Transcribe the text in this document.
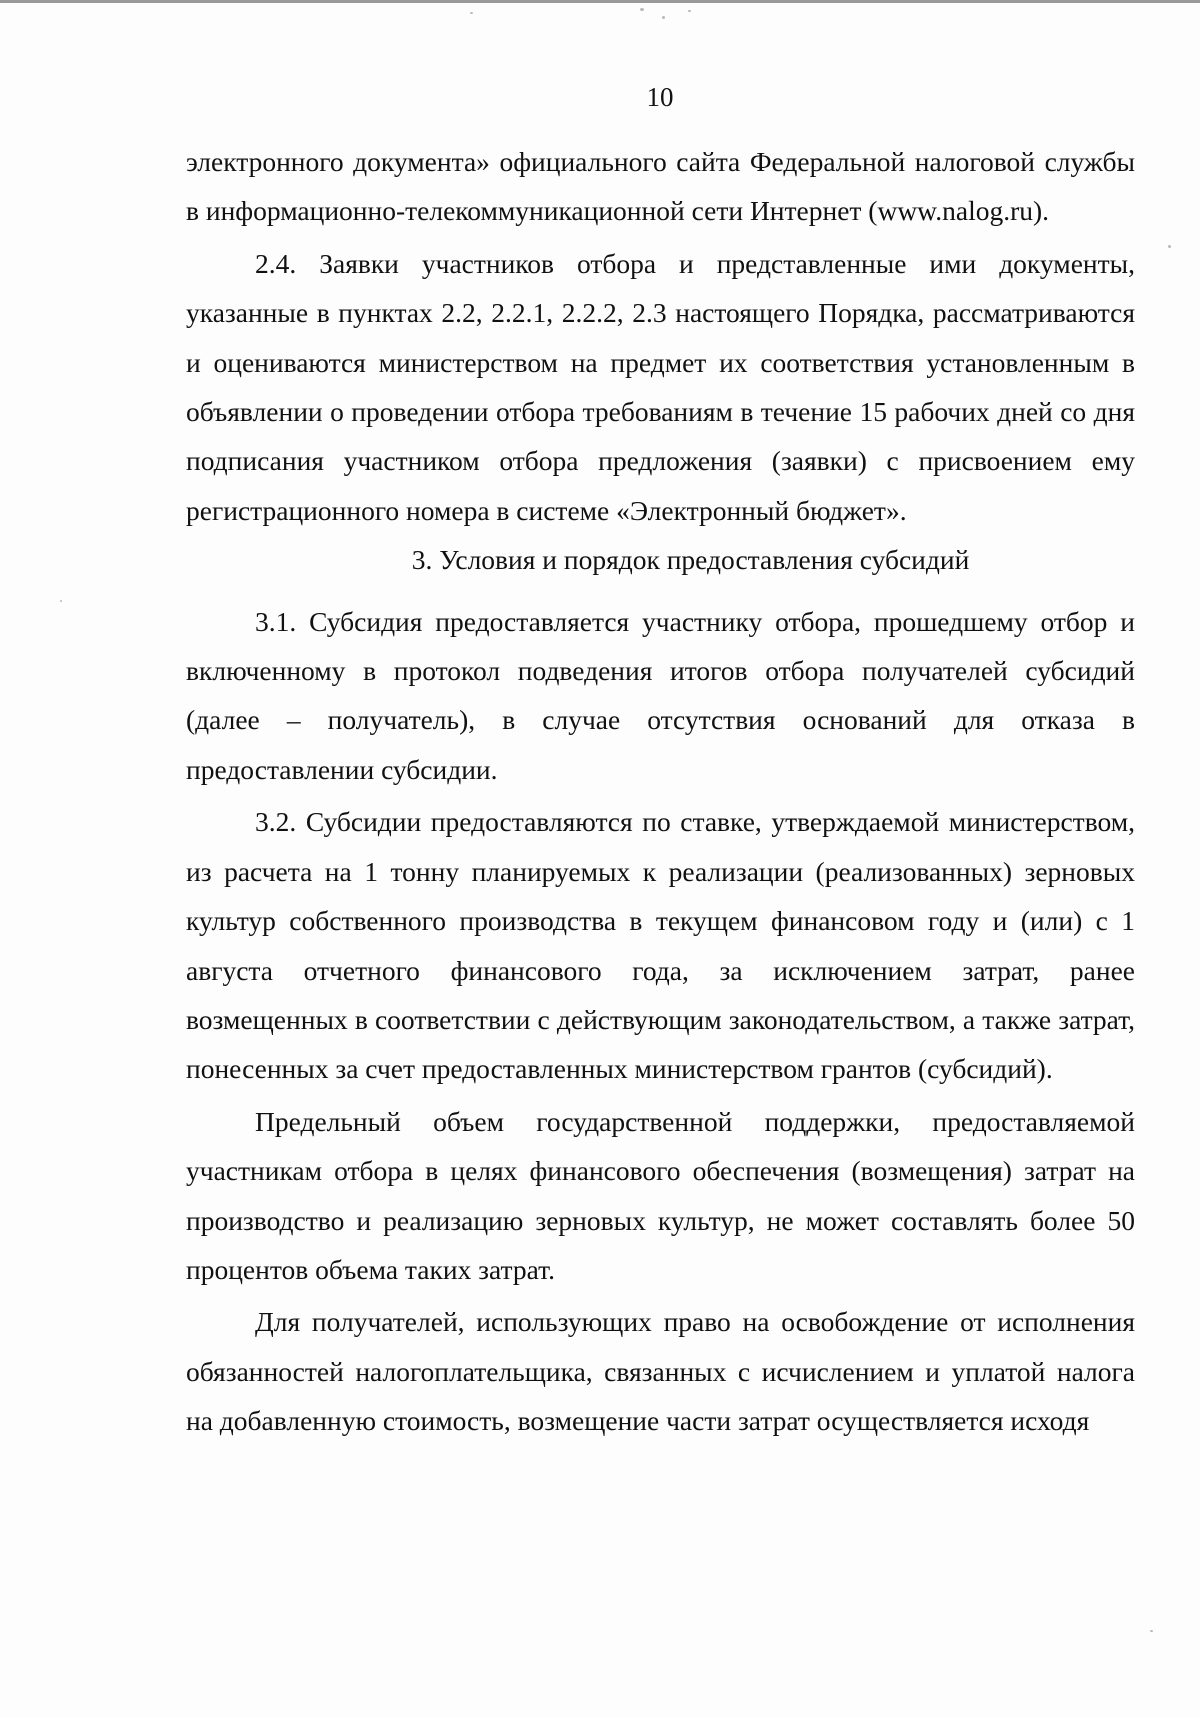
10

электронного документа» официального сайта Федеральной налоговой службы в информационно-телекоммуникационной сети Интернет (www.nalog.ru).

2.4. Заявки участников отбора и представленные ими документы, указанные в пунктах 2.2, 2.2.1, 2.2.2, 2.3 настоящего Порядка, рассматриваются и оцениваются министерством на предмет их соответствия установленным в объявлении о проведении отбора требованиям в течение 15 рабочих дней со дня подписания участником отбора предложения (заявки) с присвоением ему регистрационного номера в системе «Электронный бюджет».

3. Условия и порядок предоставления субсидий

3.1. Субсидия предоставляется участнику отбора, прошедшему отбор и включенному в протокол подведения итогов отбора получателей субсидий (далее – получатель), в случае отсутствия оснований для отказа в предоставлении субсидии.

3.2. Субсидии предоставляются по ставке, утверждаемой министерством, из расчета на 1 тонну планируемых к реализации (реализованных) зерновых культур собственного производства в текущем финансовом году и (или) с 1 августа отчетного финансового года, за исключением затрат, ранее возмещенных в соответствии с действующим законодательством, а также затрат, понесенных за счет предоставленных министерством грантов (субсидий).

Предельный объем государственной поддержки, предоставляемой участникам отбора в целях финансового обеспечения (возмещения) затрат на производство и реализацию зерновых культур, не может составлять более 50 процентов объема таких затрат.

Для получателей, использующих право на освобождение от исполнения обязанностей налогоплательщика, связанных с исчислением и уплатой налога на добавленную стоимость, возмещение части затрат осуществляется исходя
